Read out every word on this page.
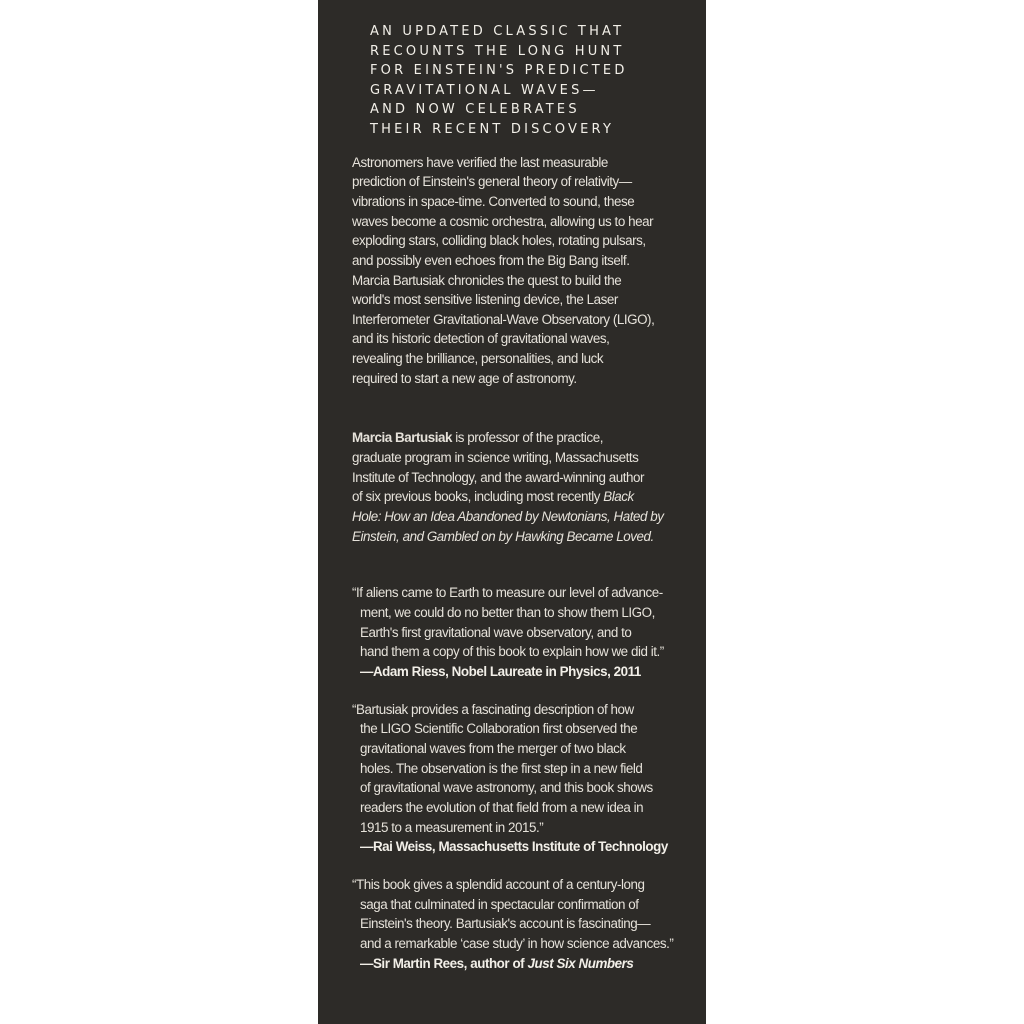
AN UPDATED CLASSIC THAT
RECOUNTS THE LONG HUNT
FOR EINSTEIN'S PREDICTED
GRAVITATIONAL WAVES—
AND NOW CELEBRATES
THEIR RECENT DISCOVERY
Astronomers have verified the last measurable
prediction of Einstein's general theory of relativity—
vibrations in space-time. Converted to sound, these
waves become a cosmic orchestra, allowing us to hear
exploding stars, colliding black holes, rotating pulsars,
and possibly even echoes from the Big Bang itself.
Marcia Bartusiak chronicles the quest to build the
world's most sensitive listening device, the Laser
Interferometer Gravitational-Wave Observatory (LIGO),
and its historic detection of gravitational waves,
revealing the brilliance, personalities, and luck
required to start a new age of astronomy.
Marcia Bartusiak is professor of the practice,
graduate program in science writing, Massachusetts
Institute of Technology, and the award-winning author
of six previous books, including most recently Black
Hole: How an Idea Abandoned by Newtonians, Hated by
Einstein, and Gambled on by Hawking Became Loved.
“If aliens came to Earth to measure our level of advance-
ment, we could do no better than to show them LIGO,
Earth's first gravitational wave observatory, and to
hand them a copy of this book to explain how we did it.”
—Adam Riess, Nobel Laureate in Physics, 2011
“Bartusiak provides a fascinating description of how
the LIGO Scientific Collaboration first observed the
gravitational waves from the merger of two black
holes. The observation is the first step in a new field
of gravitational wave astronomy, and this book shows
readers the evolution of that field from a new idea in
1915 to a measurement in 2015.”
—Rai Weiss, Massachusetts Institute of Technology
“This book gives a splendid account of a century-long
saga that culminated in spectacular confirmation of
Einstein's theory. Bartusiak's account is fascinating—
and a remarkable ‘case study’ in how science advances.”
—Sir Martin Rees, author of Just Six Numbers
